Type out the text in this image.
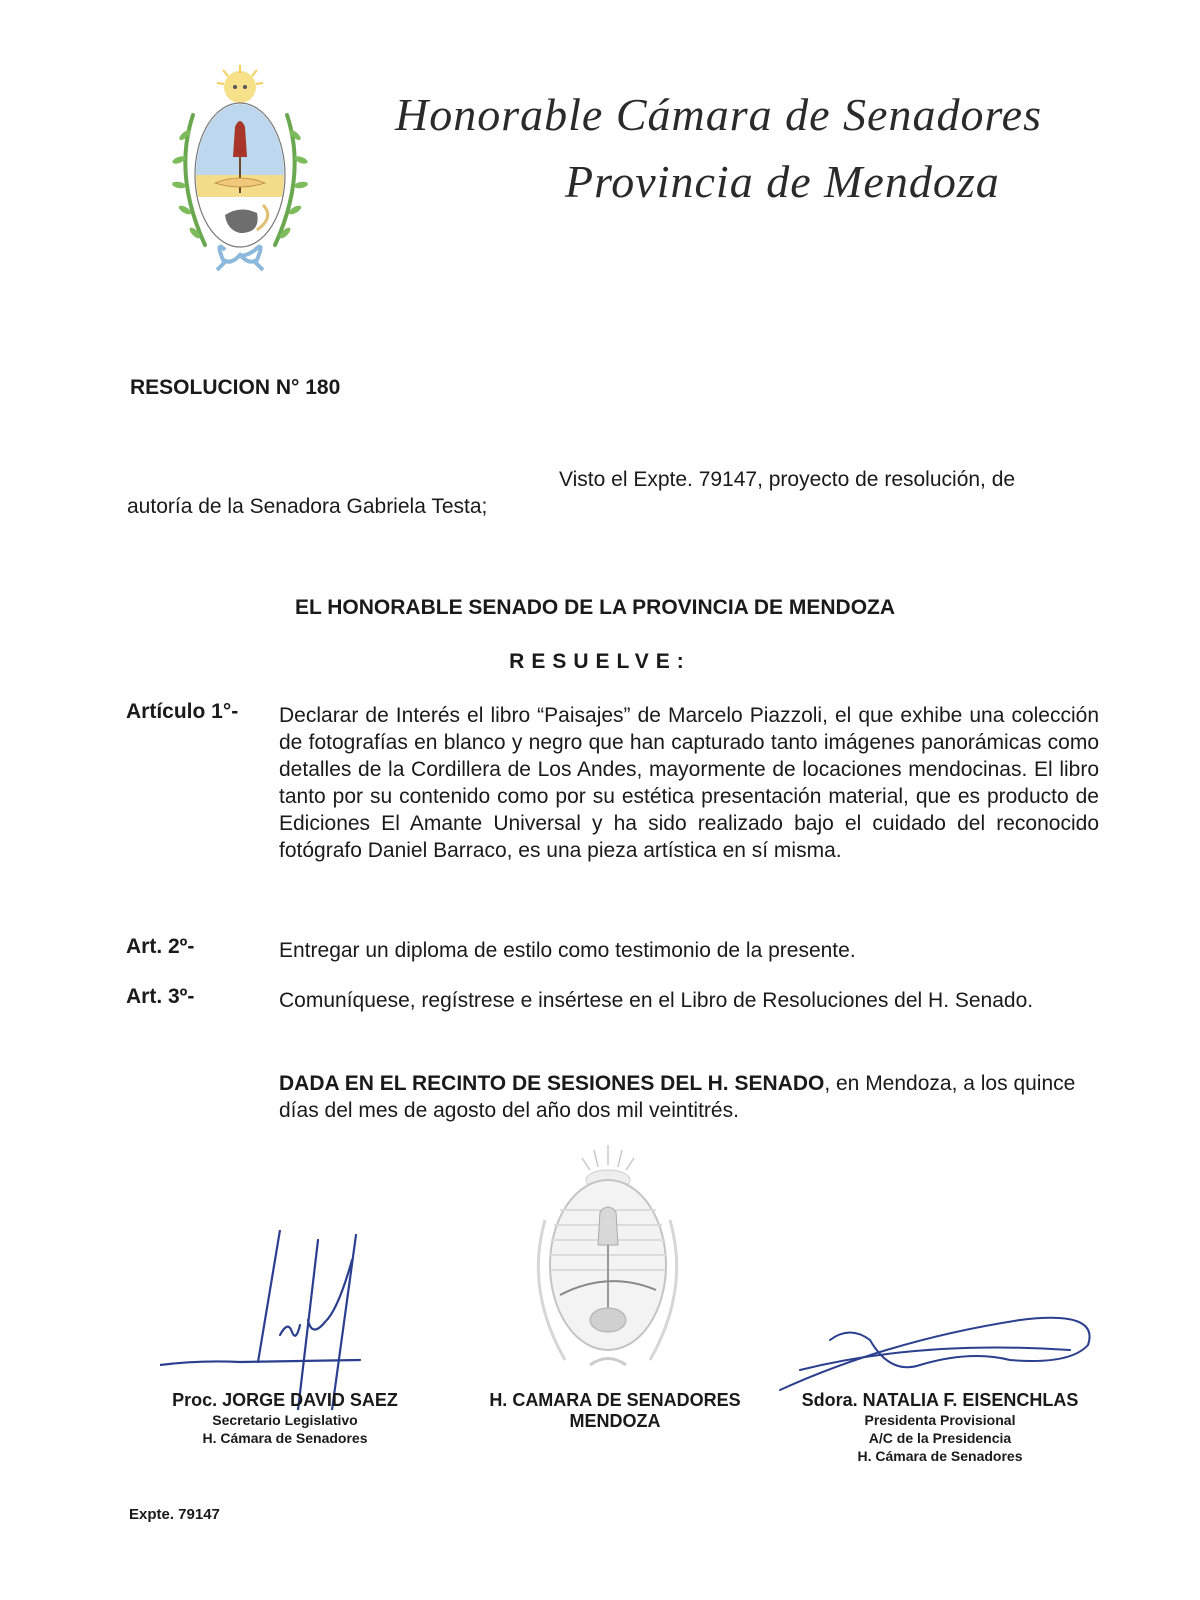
Honorable Cámara de Senadores
Provincia de Mendoza
RESOLUCION N° 180
Visto el Expte. 79147, proyecto de resolución, de
autoría de la Senadora Gabriela Testa;
EL HONORABLE SENADO DE LA PROVINCIA DE MENDOZA
RESUELVE:
Artículo 1°- Declarar de Interés el libro “Paisajes” de Marcelo Piazzoli, el que exhibe una colección de fotografías en blanco y negro que han capturado tanto imágenes panorámicas como detalles de la Cordillera de Los Andes, mayormente de locaciones mendocinas. El libro tanto por su contenido como por su estética presentación material, que es producto de Ediciones El Amante Universal y ha sido realizado bajo el cuidado del reconocido fotógrafo Daniel Barraco, es una pieza artística en sí misma.
Art. 2º-	Entregar un diploma de estilo como testimonio de la presente.
Art. 3º-	Comuníquese, regístrese e insértese en el Libro de Resoluciones del H. Senado.
DADA EN EL RECINTO DE SESIONES DEL H. SENADO, en Mendoza, a los quince días del mes de agosto del año dos mil veintitrés.
Proc. JORGE DAVID SAEZ
Secretario Legislativo
H. Cámara de Senadores
H. CAMARA DE SENADORES
MENDOZA
Sdora. NATALIA F. EISENCHLAS
Presidenta Provisional
A/C de la Presidencia
H. Cámara de Senadores
Expte. 79147
